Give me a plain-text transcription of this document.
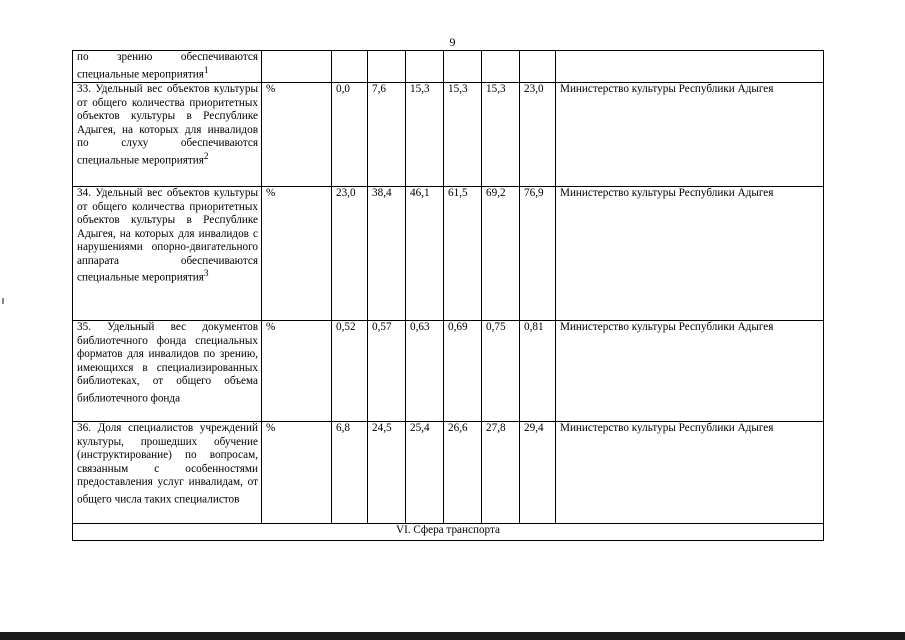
9
по зрению обеспечиваются специальные мероприятия$^1$								
33. Удельный вес объектов культуры от общего количества приоритетных объектов культуры в Республике Адыгея, на которых для инвалидов по слуху обеспечиваются специальные мероприятия$^2$	%	0,0	7,6	15,3	15,3	15,3	23,0	Министерство культуры Республики Адыгея
34. Удельный вес объектов культуры от общего количества приоритетных объектов культуры в Республике Адыгея, на которых для инвалидов с нарушениями опорно-двигательного аппарата обеспечиваются специальные мероприятия$^3$	%	23,0	38,4	46,1	61,5	69,2	76,9	Министерство культуры Республики Адыгея
35. Удельный вес документов библиотечного фонда специальных форматов для инвалидов по зрению, имеющихся в специализированных библиотеках, от общего объема библиотечного фонда	%	0,52	0,57	0,63	0,69	0,75	0,81	Министерство культуры Республики Адыгея
36. Доля специалистов учреждений культуры, прошедших обучение (инструктирование) по вопросам, связанным с особенностями предоставления услуг инвалидам, от общего числа таких специалистов	%	6,8	24,5	25,4	26,6	27,8	29,4	Министерство культуры Республики Адыгея
VI. Сфера транспорта								
